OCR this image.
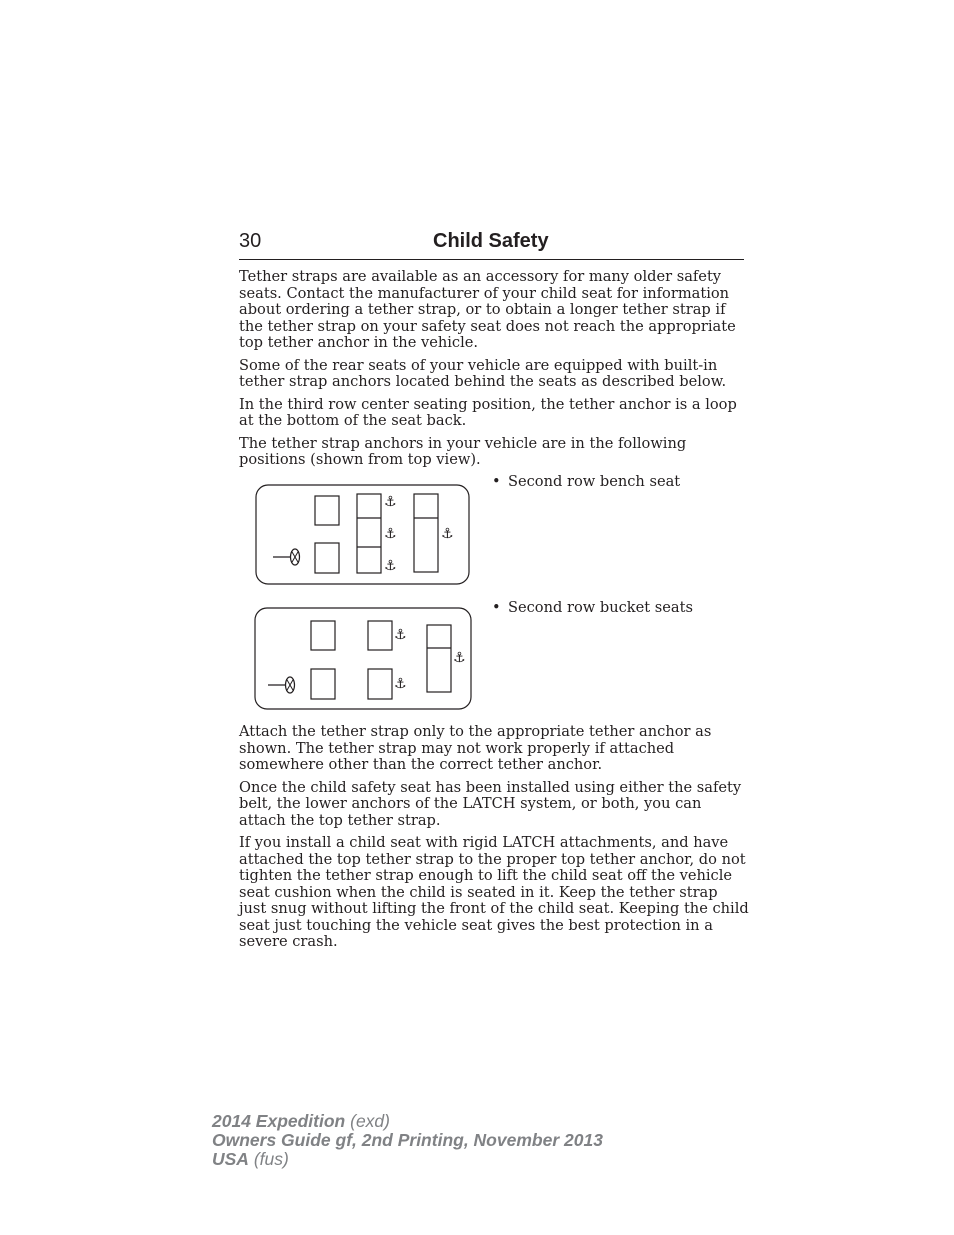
30	Child Safety

Tether straps are available as an accessory for many older safety seats. Contact the manufacturer of your child seat for information about ordering a tether strap, or to obtain a longer tether strap if the tether strap on your safety seat does not reach the appropriate top tether anchor in the vehicle.

Some of the rear seats of your vehicle are equipped with built-in tether strap anchors located behind the seats as described below.

In the third row center seating position, the tether anchor is a loop at the bottom of the seat back.

The tether strap anchors in your vehicle are in the following positions (shown from top view).

⚓
⚓
⚓
⚓
• Second row bench seat
⚓
⚓
⚓
• Second row bucket seats

Attach the tether strap only to the appropriate tether anchor as shown. The tether strap may not work properly if attached somewhere other than the correct tether anchor.

Once the child safety seat has been installed using either the safety belt, the lower anchors of the LATCH system, or both, you can attach the top tether strap.

If you install a child seat with rigid LATCH attachments, and have attached the top tether strap to the proper top tether anchor, do not tighten the tether strap enough to lift the child seat off the vehicle seat cushion when the child is seated in it. Keep the tether strap just snug without lifting the front of the child seat. Keeping the child seat just touching the vehicle seat gives the best protection in a severe crash.

2014 Expedition (exd)
Owners Guide gf, 2nd Printing, November 2013
USA (fus)
